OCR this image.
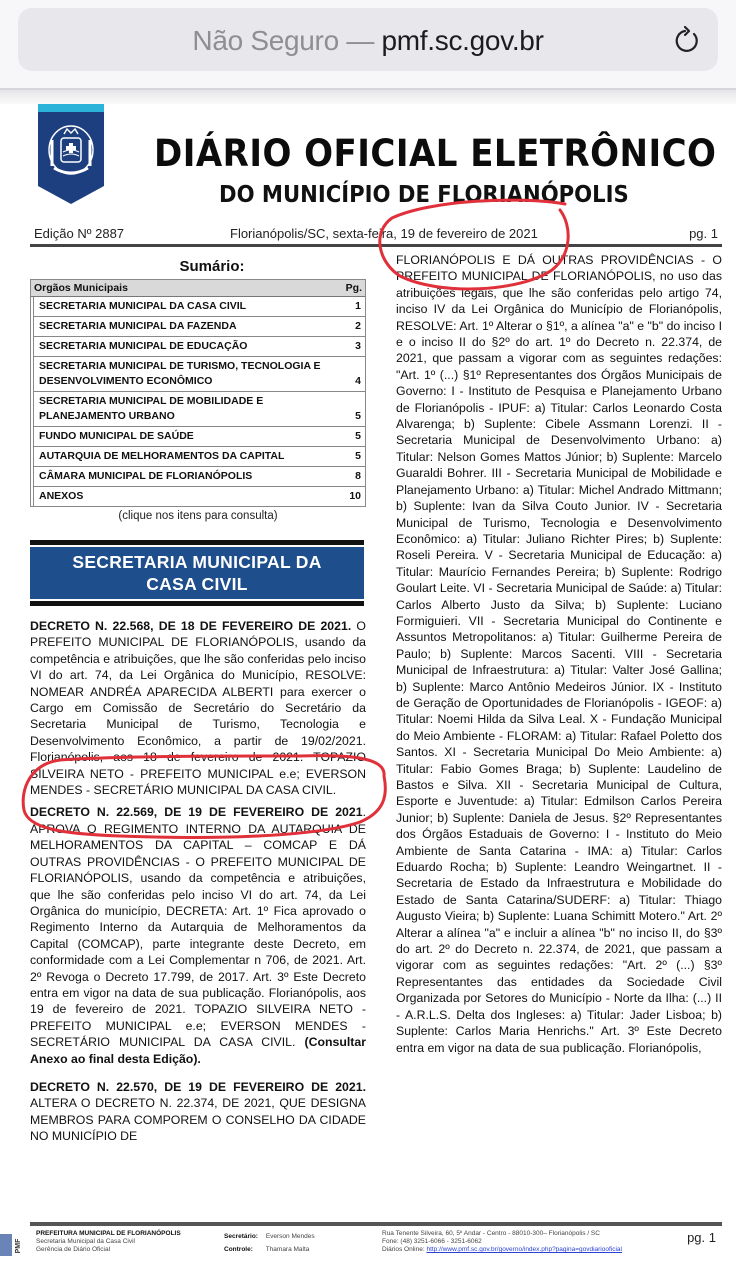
Não Seguro — pmf.sc.gov.br
DIÁRIO OFICIAL ELETRÔNICO
DO MUNICÍPIO DE FLORIANÓPOLIS
Edição Nº 2887	Florianópolis/SC, sexta-feira, 19 de fevereiro de 2021	pg. 1
Sumário:
Orgãos Municipais	Pg.
SECRETARIA MUNICIPAL DA CASA CIVIL	1
SECRETARIA MUNICIPAL DA FAZENDA	2
SECRETARIA MUNICIPAL DE EDUCAÇÃO	3
SECRETARIA MUNICIPAL DE TURISMO, TECNOLOGIA E DESENVOLVIMENTO ECONÔMICO	4
SECRETARIA MUNICIPAL DE MOBILIDADE E PLANEJAMENTO URBANO	5
FUNDO MUNICIPAL DE SAÚDE	5
AUTARQUIA DE MELHORAMENTOS DA CAPITAL	5
CÂMARA MUNICIPAL DE FLORIANÓPOLIS	8
ANEXOS	10
(clique nos itens para consulta)
SECRETARIA MUNICIPAL DA
CASA CIVIL
DECRETO N. 22.568, DE 18 DE FEVEREIRO DE 2021. O PREFEITO MUNICIPAL DE FLORIANÓPOLIS, usando da competência e atribuições, que lhe são conferidas pelo inciso VI do art. 74, da Lei Orgânica do Município, RESOLVE: NOMEAR ANDRÉA APARECIDA ALBERTI para exercer o Cargo em Comissão de Secretário do Secretário da Secretaria Municipal de Turismo, Tecnologia e Desenvolvimento Econômico, a partir de 19/02/2021. Florianópolis, aos 18 de fevereiro de 2021. TOPAZIO SILVEIRA NETO - PREFEITO MUNICIPAL e.e; EVERSON MENDES - SECRETÁRIO MUNICIPAL DA CASA CIVIL.
DECRETO N. 22.569, DE 19 DE FEVEREIRO DE 2021. APROVA O REGIMENTO INTERNO DA AUTARQUIA DE MELHORAMENTOS DA CAPITAL – COMCAP E DÁ OUTRAS PROVIDÊNCIAS - O PREFEITO MUNICIPAL DE FLORIANÓPOLIS, usando da competência e atribuições, que lhe são conferidas pelo inciso VI do art. 74, da Lei Orgânica do município, DECRETA: Art. 1º Fica aprovado o Regimento Interno da Autarquia de Melhoramentos da Capital (COMCAP), parte integrante deste Decreto, em conformidade com a Lei Complementar n 706, de 2021. Art. 2º Revoga o Decreto 17.799, de 2017. Art. 3º Este Decreto entra em vigor na data de sua publicação. Florianópolis, aos 19 de fevereiro de 2021. TOPAZIO SILVEIRA NETO -PREFEITO MUNICIPAL e.e; EVERSON MENDES - SECRETÁRIO MUNICIPAL DA CASA CIVIL. (Consultar Anexo ao final desta Edição).
DECRETO N. 22.570, DE 19 DE FEVEREIRO DE 2021. ALTERA O DECRETO N. 22.374, DE 2021, QUE DESIGNA MEMBROS PARA COMPOREM O CONSELHO DA CIDADE NO MUNICÍPIO DE
FLORIANÓPOLIS E DÁ OUTRAS PROVIDÊNCIAS - O PREFEITO MUNICIPAL DE FLORIANÓPOLIS, no uso das atribuições legais, que lhe são conferidas pelo artigo 74, inciso IV da Lei Orgânica do Município de Florianópolis, RESOLVE: Art. 1º Alterar o §1º, a alínea "a" e "b" do inciso I e o inciso II do §2º do art. 1º do Decreto n. 22.374, de 2021, que passam a vigorar com as seguintes redações: "Art. 1º (...) §1º Representantes dos Órgãos Municipais de Governo: I - Instituto de Pesquisa e Planejamento Urbano de Florianópolis - IPUF: a) Titular: Carlos Leonardo Costa Alvarenga; b) Suplente: Cibele Assmann Lorenzi. II - Secretaria Municipal de Desenvolvimento Urbano: a) Titular: Nelson Gomes Mattos Júnior; b) Suplente: Marcelo Guaraldi Bohrer. III - Secretaria Municipal de Mobilidade e Planejamento Urbano: a) Titular: Michel Andrado Mittmann; b) Suplente: Ivan da Silva Couto Junior. IV - Secretaria Municipal de Turismo, Tecnologia e Desenvolvimento Econômico: a) Titular: Juliano Richter Pires; b) Suplente: Roseli Pereira. V - Secretaria Municipal de Educação: a) Titular: Maurício Fernandes Pereira; b) Suplente: Rodrigo Goulart Leite. VI - Secretaria Municipal de Saúde: a) Titular: Carlos Alberto Justo da Silva; b) Suplente: Luciano Formiguieri. VII - Secretaria Municipal do Continente e Assuntos Metropolitanos: a) Titular: Guilherme Pereira de Paulo; b) Suplente: Marcos Sacenti. VIII - Secretaria Municipal de Infraestrutura: a) Titular: Valter José Gallina; b) Suplente: Marco Antônio Medeiros Júnior. IX - Instituto de Geração de Oportunidades de Florianópolis - IGEOF: a) Titular: Noemi Hilda da Silva Leal. X - Fundação Municipal do Meio Ambiente - FLORAM: a) Titular: Rafael Poletto dos Santos. XI - Secretaria Municipal Do Meio Ambiente: a) Titular: Fabio Gomes Braga; b) Suplente: Laudelino de Bastos e Silva. XII - Secretaria Municipal de Cultura, Esporte e Juventude: a) Titular: Edmilson Carlos Pereira Junior; b) Suplente: Daniela de Jesus. §2º Representantes dos Órgãos Estaduais de Governo: I - Instituto do Meio Ambiente de Santa Catarina - IMA: a) Titular: Carlos Eduardo Rocha; b) Suplente: Leandro Weingartnet. II - Secretaria de Estado da Infraestrutura e Mobilidade do Estado de Santa Catarina/SUDERF: a) Titular: Thiago Augusto Vieira; b) Suplente: Luana Schimitt Motero." Art. 2º Alterar a alínea "a" e incluir a alínea "b" no inciso II, do §3º do art. 2º do Decreto n. 22.374, de 2021, que passam a vigorar com as seguintes redações: "Art. 2º (...) §3º Representantes das entidades da Sociedade Civil Organizada por Setores do Município - Norte da Ilha: (...) II - A.R.L.S. Delta dos Ingleses: a) Titular: Jader Lisboa; b) Suplente: Carlos Maria Henrichs." Art. 3º Este Decreto entra em vigor na data de sua publicação. Florianópolis,
PMF
PREFEITURA MUNICIPAL DE FLORIANÓPOLIS
Secretaria Municipal da Casa Civil
Gerência de Diário Oficial
Secretário: Everson Mendes
Controle: Thamara Malta
Rua Tenente Silveira, 60, 5º Andar - Centro - 88010-300– Florianópolis / SC
Fone: (48) 3251-6066 - 3251-6062
Diários Online: http://www.pmf.sc.gov.br/governo/index.php?pagina=govdiariooficial
pg. 1
